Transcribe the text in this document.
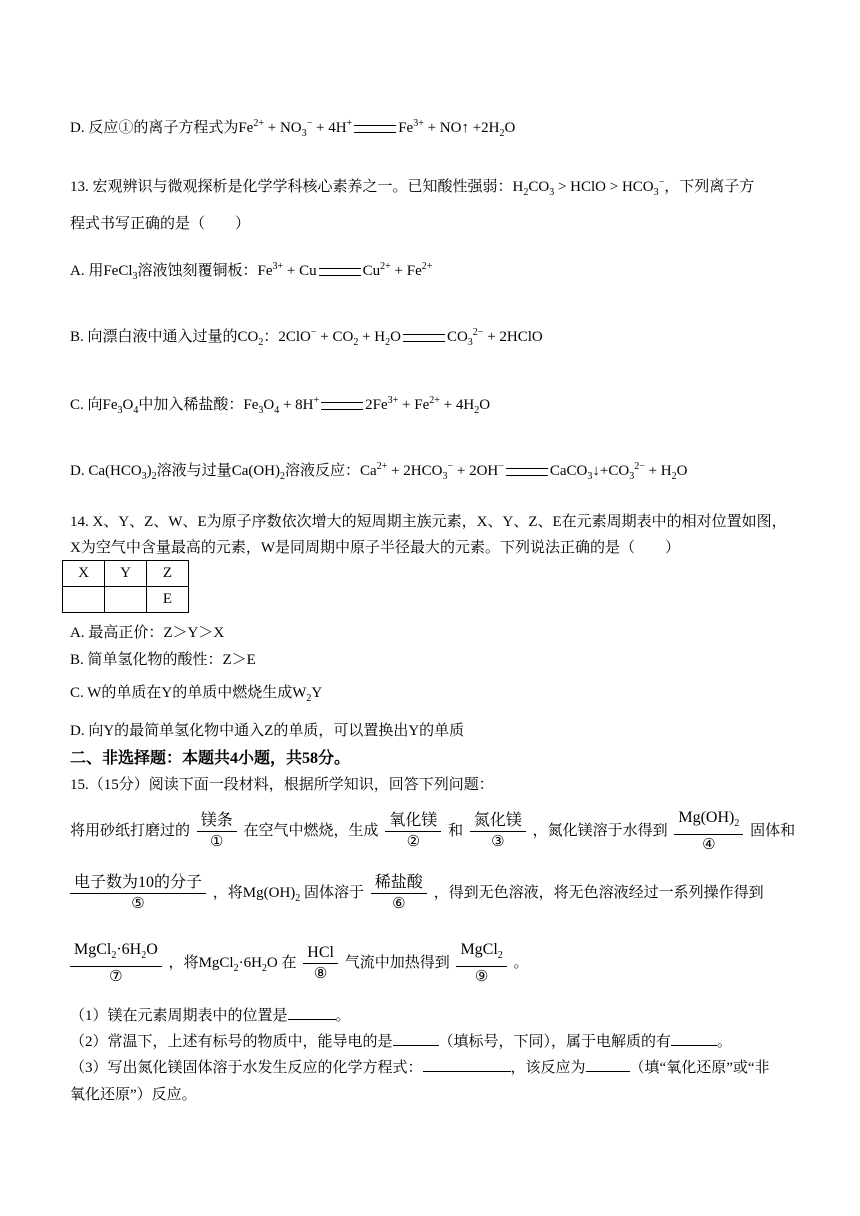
D. 反应①的离子方程式为$Fe^{2+} + NO_3^- + 4H^+$	$Fe^{3+}$ + NO↑ $+2H_2O$
13. 宏观辨识与微观探析是化学学科核心素养之一。已知酸性强弱：$H_2CO_3$ > HClO > $HCO_3^-$，下列离子方
程式书写正确的是（　　）
A. 用FeCl$_3$溶液蚀刻覆铜板：$Fe^{3+} + Cu$	$Cu^{2+} + Fe^{2+}$
B. 向漂白液中通入过量的$CO_2$：$2ClO^- + CO_2 + H_2O$	$CO_3^{2-}$ + 2HClO
C. 向$Fe_3O_4$中加入稀盐酸：$Fe_3O_4 + 8H^+$	$2Fe^{3+} + Fe^{2+} + 4H_2O$
D. $Ca(HCO_3)_2$溶液与过量$Ca(OH)_2$溶液反应：$Ca^{2+} + 2HCO_3^- + 2OH^-$	$CaCO_3↓+CO_3^{2-} + H_2O$
14. X、Y、Z、W、E为原子序数依次增大的短周期主族元素，X、Y、Z、E在元素周期表中的相对位置如图，
X为空气中含量最高的元素，W是同周期中原子半径最大的元素。下列说法正确的是（　　）
X	Y	Z
		E
A. 最高正价：Z＞Y＞X
B. 简单氢化物的酸性：Z＞E
C. W的单质在Y的单质中燃烧生成$W_2Y$
D. 向Y的最简单氢化物中通入Z的单质，可以置换出Y的单质
二、非选择题：本题共4小题，共58分。
15.（15分）阅读下面一段材料，根据所学知识，回答下列问题：
将用砂纸打磨过的 $\frac{\text{镁条}}{\text{①}}$ 在空气中燃烧，生成 $\frac{\text{氧化镁}}{\text{②}}$ 和 $\frac{\text{氮化镁}}{\text{③}}$ ，氮化镁溶于水得到 $\frac{Mg(OH)_2}{\text{④}}$ 固体和
$\frac{\text{电子数为10的分子}}{\text{⑤}}$ ，将$Mg(OH)_2$ 固体溶于 $\frac{\text{稀盐酸}}{\text{⑥}}$ ，得到无色溶液，将无色溶液经过一系列操作得到
$\frac{MgCl_2\cdot 6H_2O}{\text{⑦}}$ ，将$MgCl_2\cdot 6H_2O$ 在 $\frac{\text{HCl}}{\text{⑧}}$ 气流中加热得到 $\frac{MgCl_2}{\text{⑨}}$ 。
（1）镁在元素周期表中的位置是	。
（2）常温下，上述有标号的物质中，能导电的是	（填标号，下同），属于电解质的有	。
（3）写出氮化镁固体溶于水发生反应的化学方程式：	，该反应为	（填“氧化还原”或“非
氧化还原”）反应。
